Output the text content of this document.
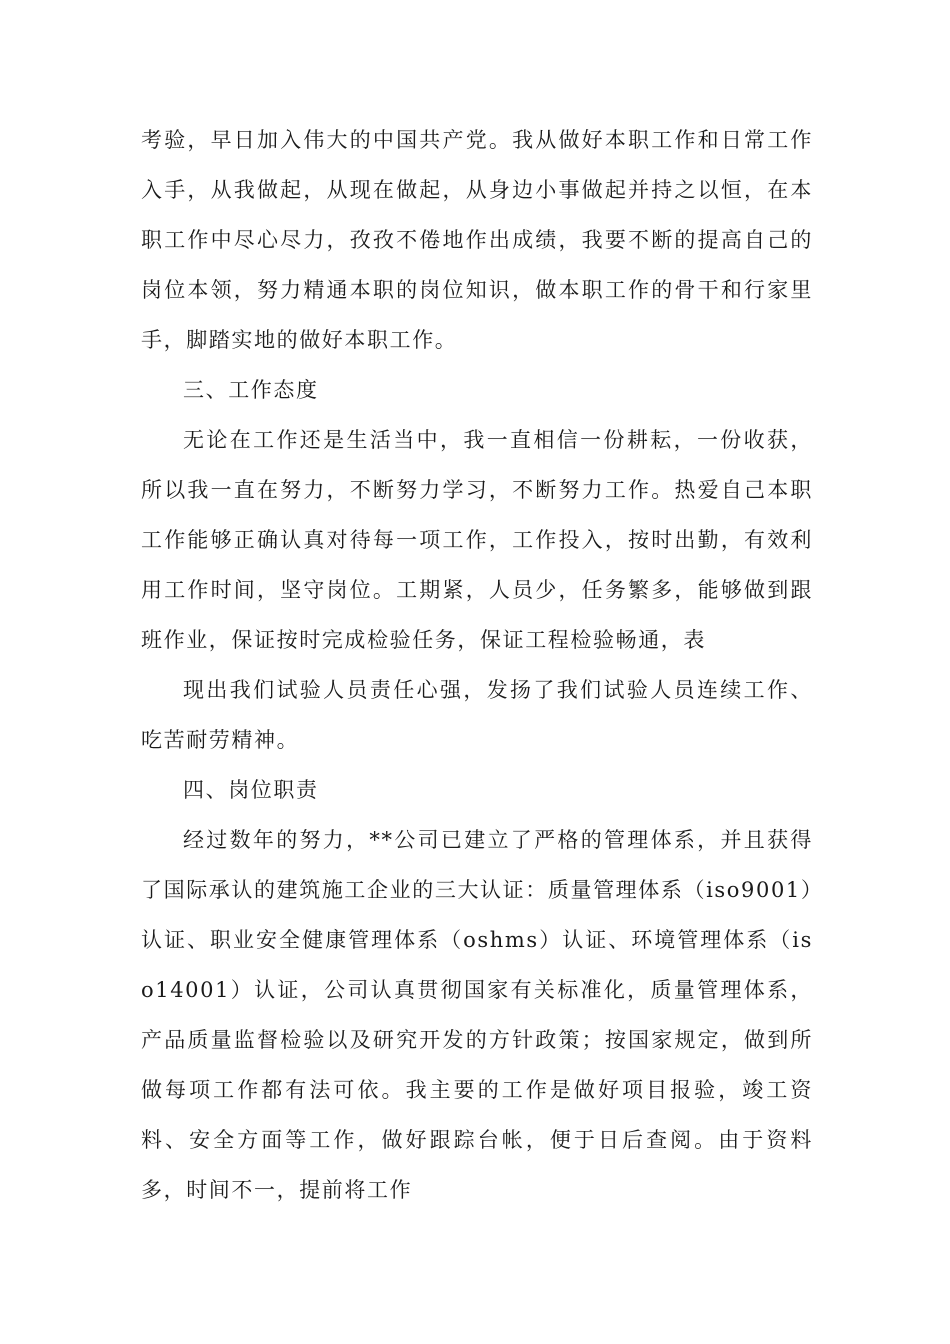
考验，早日加入伟大的中国共产党。我从做好本职工作和日常工作入手，从我做起，从现在做起，从身边小事做起并持之以恒，在本职工作中尽心尽力，孜孜不倦地作出成绩，我要不断的提高自己的岗位本领，努力精通本职的岗位知识，做本职工作的骨干和行家里手，脚踏实地的做好本职工作。

三、工作态度

无论在工作还是生活当中，我一直相信一份耕耘，一份收获，所以我一直在努力，不断努力学习，不断努力工作。热爱自己本职工作能够正确认真对待每一项工作，工作投入，按时出勤，有效利用工作时间，坚守岗位。工期紧，人员少，任务繁多，能够做到跟班作业，保证按时完成检验任务，保证工程检验畅通，表

现出我们试验人员责任心强，发扬了我们试验人员连续工作、吃苦耐劳精神。

四、岗位职责

经过数年的努力，**公司已建立了严格的管理体系，并且获得了国际承认的建筑施工企业的三大认证：质量管理体系（iso9001）认证、职业安全健康管理体系（oshms）认证、环境管理体系（iso14001）认证，公司认真贯彻国家有关标准化，质量管理体系，产品质量监督检验以及研究开发的方针政策；按国家规定，做到所做每项工作都有法可依。我主要的工作是做好项目报验，竣工资料、安全方面等工作，做好跟踪台帐，便于日后查阅。由于资料多，时间不一，提前将工作
